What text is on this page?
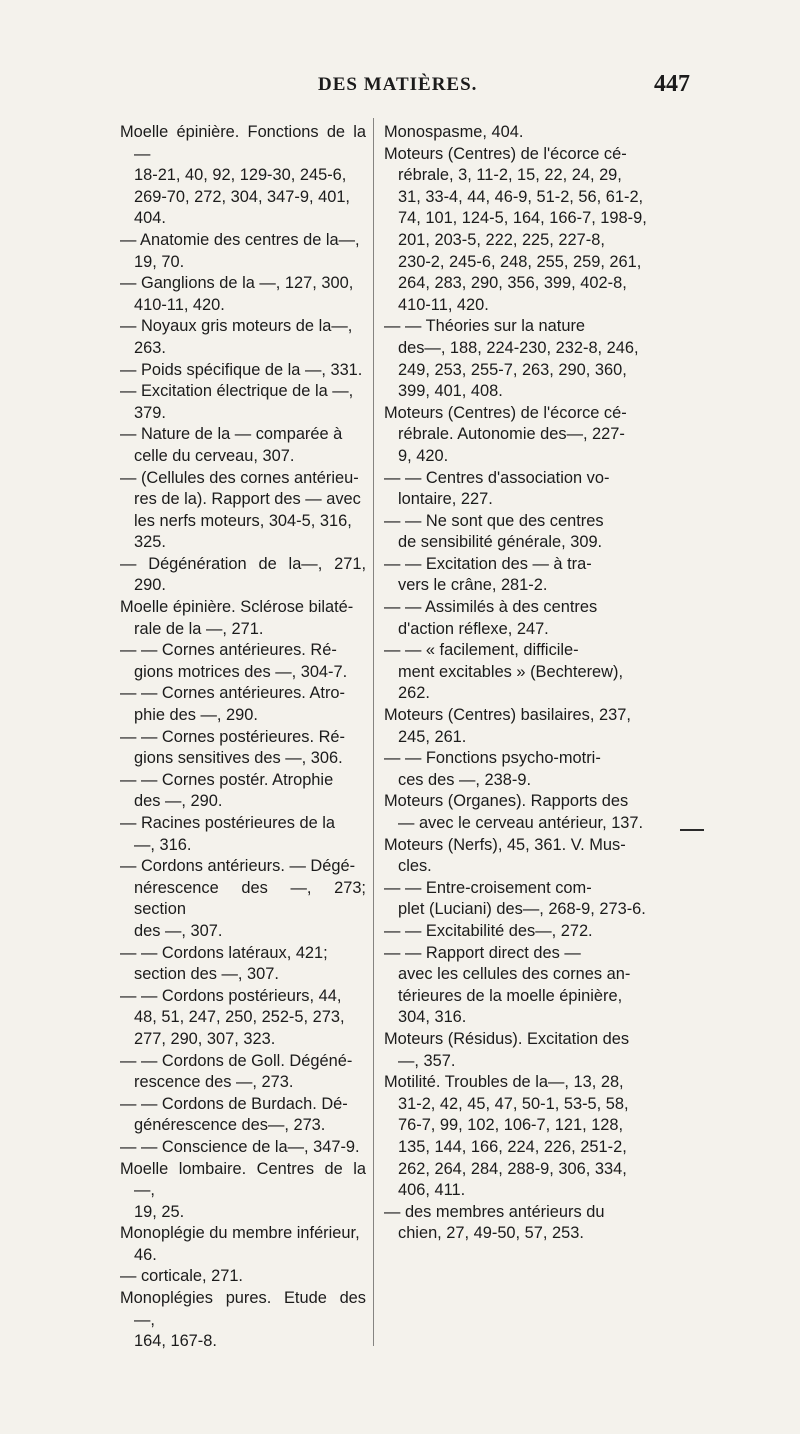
DES MATIÈRES.	447

Moelle épinière. Fonctions de la—
18-21, 40, 92, 129-30, 245-6,
269-70, 272, 304, 347-9, 401,
404.

— Anatomie des centres de la—,
19, 70.

— Ganglions de la —, 127, 300,
410-11, 420.

— Noyaux gris moteurs de la—,
263.

— Poids spécifique de la —, 331.

— Excitation électrique de la —,
379.

— Nature de la — comparée à
celle du cerveau, 307.

— (Cellules des cornes antérieu-
res de la). Rapport des — avec
les nerfs moteurs, 304-5, 316,
325.

— Dégénération de la—, 271, 290.

Moelle épinière. Sclérose bilaté-
rale de la —, 271.

— — Cornes antérieures. Ré-
gions motrices des —, 304-7.

— — Cornes antérieures. Atro-
phie des —, 290.

— — Cornes postérieures. Ré-
gions sensitives des —, 306.

— — Cornes postér. Atrophie
des —, 290.

— Racines postérieures de la
—, 316.

— Cordons antérieurs. — Dégé-
nérescence des —, 273; section
des —, 307.

— — Cordons latéraux, 421;
section des —, 307.

— — Cordons postérieurs, 44,
48, 51, 247, 250, 252-5, 273,
277, 290, 307, 323.

— — Cordons de Goll. Dégéné-
rescence des —, 273.

— — Cordons de Burdach. Dé-
générescence des—, 273.

— — Conscience de la—, 347-9.

Moelle lombaire. Centres de la —,
19, 25.

Monoplégie du membre inférieur,
46.

— corticale, 271.

Monoplégies pures. Etude des —,
164, 167-8.

Monospasme, 404.

Moteurs (Centres) de l'écorce cé-
rébrale, 3, 11-2, 15, 22, 24, 29,
31, 33-4, 44, 46-9, 51-2, 56, 61-2,
74, 101, 124-5, 164, 166-7, 198-9,
201, 203-5, 222, 225, 227-8,
230-2, 245-6, 248, 255, 259, 261,
264, 283, 290, 356, 399, 402-8,
410-11, 420.

— — Théories sur la nature
des—, 188, 224-230, 232-8, 246,
249, 253, 255-7, 263, 290, 360,
399, 401, 408.

Moteurs (Centres) de l'écorce cé-
rébrale. Autonomie des—, 227-
9, 420.

— — Centres d'association vo-
lontaire, 227.

— — Ne sont que des centres
de sensibilité générale, 309.

— — Excitation des — à tra-
vers le crâne, 281-2.

— — Assimilés à des centres
d'action réflexe, 247.

— — « facilement, difficile-
ment excitables » (Bechterew),
262.

Moteurs (Centres) basilaires, 237,
245, 261.

— — Fonctions psycho-motri-
ces des —, 238-9.

Moteurs (Organes). Rapports des
— avec le cerveau antérieur, 137.

Moteurs (Nerfs), 45, 361. V. Mus-
cles.

— — Entre-croisement com-
plet (Luciani) des—, 268-9, 273-6.

— — Excitabilité des—, 272.

— — Rapport direct des —
avec les cellules des cornes an-
térieures de la moelle épinière,
304, 316.

Moteurs (Résidus). Excitation des
—, 357.

Motilité. Troubles de la—, 13, 28,
31-2, 42, 45, 47, 50-1, 53-5, 58,
76-7, 99, 102, 106-7, 121, 128,
135, 144, 166, 224, 226, 251-2,
262, 264, 284, 288-9, 306, 334,
406, 411.

— des membres antérieurs du
chien, 27, 49-50, 57, 253.
